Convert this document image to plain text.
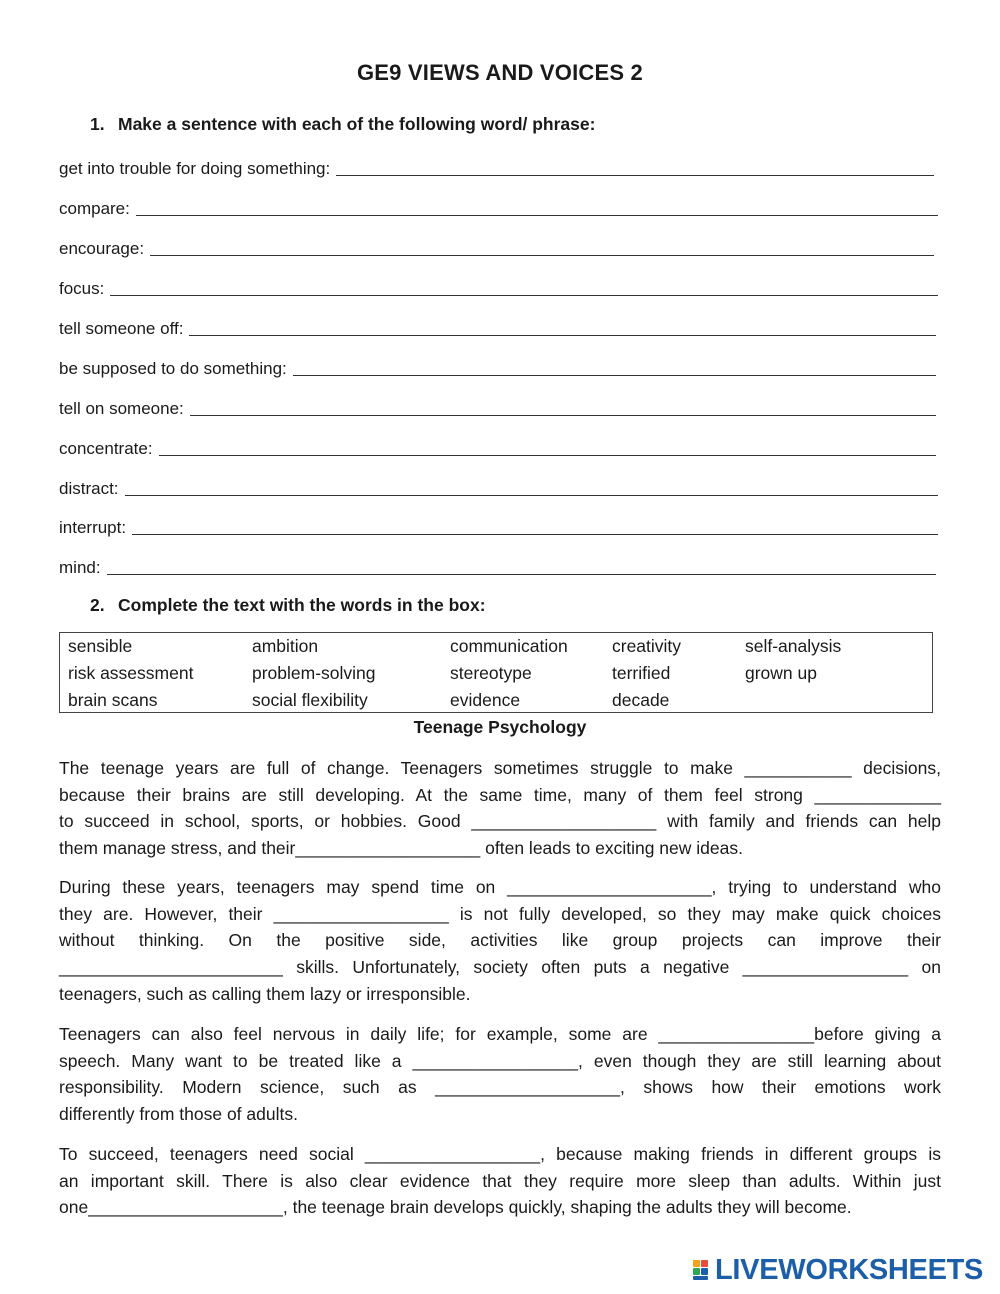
GE9 VIEWS AND VOICES 2
1. Make a sentence with each of the following word/ phrase:
get into trouble for doing something:
compare:
encourage:
focus:
tell someone off:
be supposed to do something:
tell on someone:
concentrate:
distract:
interrupt:
mind:
2. Complete the text with the words in the box:
sensible	ambition	communication	creativity	self-analysis
risk assessment	problem-solving	stereotype	terrified	grown up
brain scans	social flexibility	evidence	decade
Teenage Psychology
The teenage years are full of change. Teenagers sometimes struggle to make ___________ decisions,
because their brains are still developing. At the same time, many of them feel strong _____________
to succeed in school, sports, or hobbies. Good ___________________ with family and friends can help
them manage stress, and their___________________ often leads to exciting new ideas.
During these years, teenagers may spend time on _____________________, trying to understand who
they are. However, their __________________ is not fully developed, so they may make quick choices
without thinking. On the positive side, activities like group projects can improve their
_______________________ skills. Unfortunately, society often puts a negative _________________ on
teenagers, such as calling them lazy or irresponsible.
Teenagers can also feel nervous in daily life; for example, some are ________________before giving a
speech. Many want to be treated like a _________________, even though they are still learning about
responsibility. Modern science, such as ___________________, shows how their emotions work
differently from those of adults.
To succeed, teenagers need social __________________, because making friends in different groups is
an important skill. There is also clear evidence that they require more sleep than adults. Within just
one____________________, the teenage brain develops quickly, shaping the adults they will become.
LIVEWORKSHEETS
